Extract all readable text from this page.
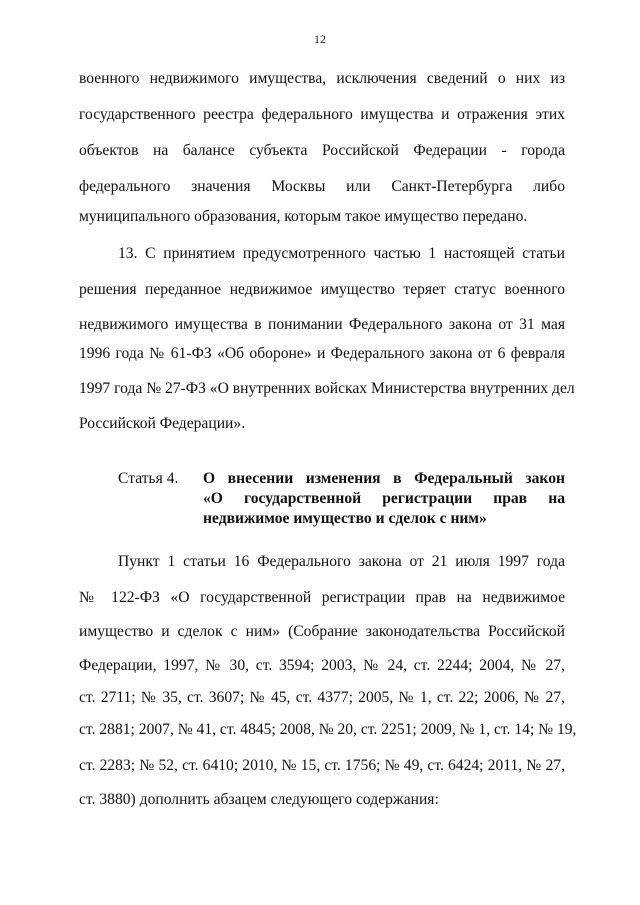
12
военного недвижимого имущества, исключения сведений о них из
государственного реестра федерального имущества и отражения этих
объектов на балансе субъекта Российской Федерации - города
федерального значения Москвы или Санкт-Петербурга либо
муниципального образования, которым такое имущество передано.
13. С принятием предусмотренного частью 1 настоящей статьи
решения переданное недвижимое имущество теряет статус военного
недвижимого имущества в понимании Федерального закона от 31 мая
1996 года № 61-ФЗ «Об обороне» и Федерального закона от 6 февраля
1997 года № 27-ФЗ «О внутренних войсках Министерства внутренних дел
Российской Федерации».
Статья 4. О внесении изменения в Федеральный закон
«О государственной регистрации прав на
недвижимое имущество и сделок с ним»
Пункт 1 статьи 16 Федерального закона от 21 июля 1997 года
№ 122-ФЗ «О государственной регистрации прав на недвижимое
имущество и сделок с ним» (Собрание законодательства Российской
Федерации, 1997, № 30, ст. 3594; 2003, № 24, ст. 2244; 2004, № 27,
ст. 2711; № 35, ст. 3607; № 45, ст. 4377; 2005, № 1, ст. 22; 2006, № 27,
ст. 2881; 2007, № 41, ст. 4845; 2008, № 20, ст. 2251; 2009, № 1, ст. 14; № 19,
ст. 2283; № 52, ст. 6410; 2010, № 15, ст. 1756; № 49, ст. 6424; 2011, № 27,
ст. 3880) дополнить абзацем следующего содержания:
